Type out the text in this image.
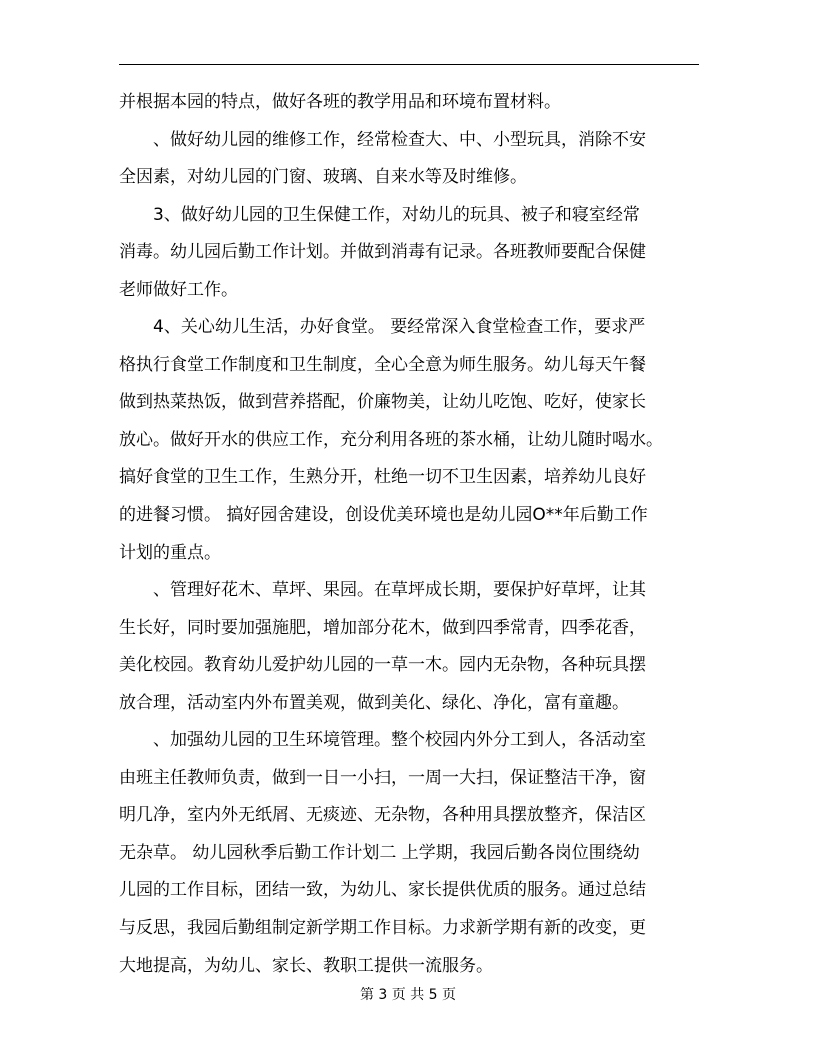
并根据本园的特点，做好各班的教学用品和环境布置材料。
、做好幼儿园的维修工作，经常检查大、中、小型玩具，消除不安
全因素，对幼儿园的门窗、玻璃、自来水等及时维修。
3、做好幼儿园的卫生保健工作，对幼儿的玩具、被子和寝室经常
消毒。幼儿园后勤工作计划。并做到消毒有记录。各班教师要配合保健
老师做好工作。
4、关心幼儿生活，办好食堂。 要经常深入食堂检查工作，要求严
格执行食堂工作制度和卫生制度，全心全意为师生服务。幼儿每天午餐
做到热菜热饭，做到营养搭配，价廉物美，让幼儿吃饱、吃好，使家长
放心。做好开水的供应工作，充分利用各班的茶水桶，让幼儿随时喝水。
搞好食堂的卫生工作，生熟分开，杜绝一切不卫生因素，培养幼儿良好
的进餐习惯。 搞好园舍建设，创设优美环境也是幼儿园O**年后勤工作
计划的重点。
、管理好花木、草坪、果园。在草坪成长期，要保护好草坪，让其
生长好，同时要加强施肥，增加部分花木，做到四季常青，四季花香，
美化校园。教育幼儿爱护幼儿园的一草一木。园内无杂物，各种玩具摆
放合理，活动室内外布置美观，做到美化、绿化、净化，富有童趣。
、加强幼儿园的卫生环境管理。整个校园内外分工到人，各活动室
由班主任教师负责，做到一日一小扫，一周一大扫，保证整洁干净，窗
明几净，室内外无纸屑、无痰迹、无杂物，各种用具摆放整齐，保洁区
无杂草。 幼儿园秋季后勤工作计划二 上学期，我园后勤各岗位围绕幼
儿园的工作目标，团结一致，为幼儿、家长提供优质的服务。通过总结
与反思，我园后勤组制定新学期工作目标。力求新学期有新的改变，更
大地提高，为幼儿、家长、教职工提供一流服务。
第 3 页 共 5 页
